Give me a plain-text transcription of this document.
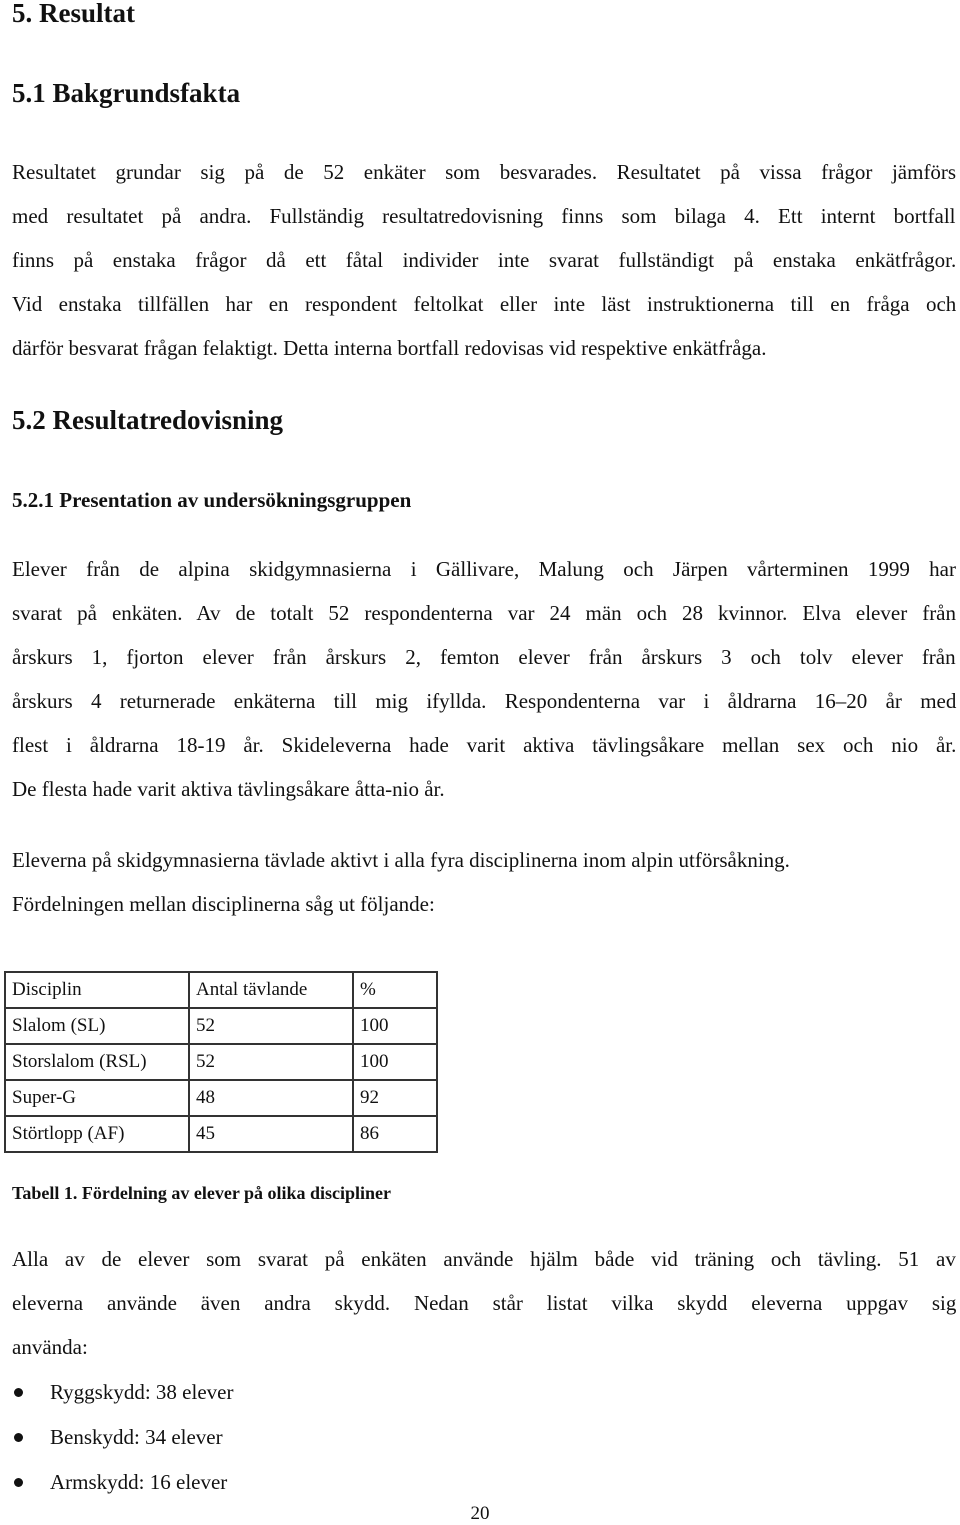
5. Resultat
5.1 Bakgrundsfakta
Resultatet grundar sig på de 52 enkäter som besvarades. Resultatet på vissa frågor jämförs
med resultatet på andra. Fullständig resultatredovisning finns som bilaga 4. Ett internt bortfall
finns på enstaka frågor då ett fåtal individer inte svarat fullständigt på enstaka enkätfrågor.
Vid enstaka tillfällen har en respondent feltolkat eller inte läst instruktionerna till en fråga och
därför besvarat frågan felaktigt. Detta interna bortfall redovisas vid respektive enkätfråga.
5.2 Resultatredovisning
5.2.1 Presentation av undersökningsgruppen
Elever från de alpina skidgymnasierna i Gällivare, Malung och Järpen vårterminen 1999 har
svarat på enkäten. Av de totalt 52 respondenterna var 24 män och 28 kvinnor. Elva elever från
årskurs 1, fjorton elever från årskurs 2, femton elever från årskurs 3 och tolv elever från
årskurs 4 returnerade enkäterna till mig ifyllda. Respondenterna var i åldrarna 16–20 år med
flest i åldrarna 18-19 år. Skideleverna hade varit aktiva tävlingsåkare mellan sex och nio år.
De flesta hade varit aktiva tävlingsåkare åtta-nio år.
Eleverna på skidgymnasierna tävlade aktivt i alla fyra disciplinerna inom alpin utförsåkning.
Fördelningen mellan disciplinerna såg ut följande:
Disciplin	Antal tävlande	%
Slalom (SL)	52	100
Storslalom (RSL)	52	100
Super-G	48	92
Störtlopp (AF)	45	86

Tabell 1. Fördelning av elever på olika discipliner

Alla av de elever som svarat på enkäten använde hjälm både vid träning och tävling. 51 av
eleverna använde även andra skydd. Nedan står listat vilka skydd eleverna uppgav sig
använda:
Ryggskydd: 38 elever
Benskydd: 34 elever
Armskydd: 16 elever

20
